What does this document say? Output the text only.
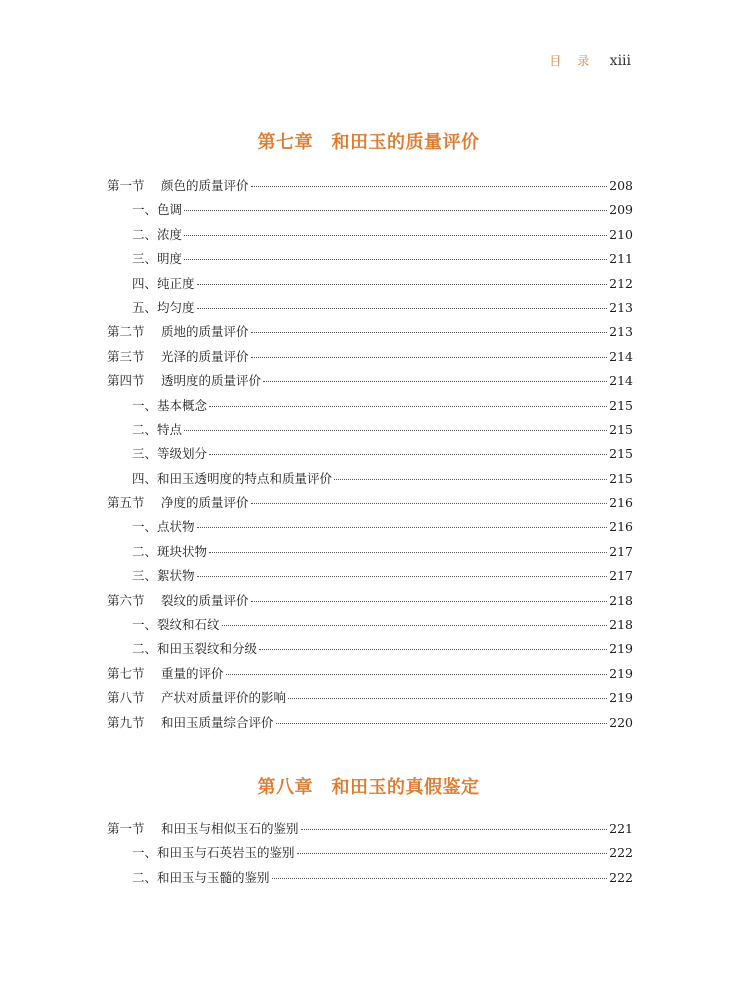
目 录 xiii
第七章　和田玉的质量评价
第一节	颜色的质量评价	208
一、色调	209
二、浓度	210
三、明度	211
四、纯正度	212
五、均匀度	213
第二节	质地的质量评价	213
第三节	光泽的质量评价	214
第四节	透明度的质量评价	214
一、基本概念	215
二、特点	215
三、等级划分	215
四、和田玉透明度的特点和质量评价	215
第五节	净度的质量评价	216
一、点状物	216
二、斑块状物	217
三、絮状物	217
第六节	裂纹的质量评价	218
一、裂纹和石纹	218
二、和田玉裂纹和分级	219
第七节	重量的评价	219
第八节	产状对质量评价的影响	219
第九节	和田玉质量综合评价	220
第八章　和田玉的真假鉴定
第一节	和田玉与相似玉石的鉴别	221
一、和田玉与石英岩玉的鉴别	222
二、和田玉与玉髓的鉴别	222
